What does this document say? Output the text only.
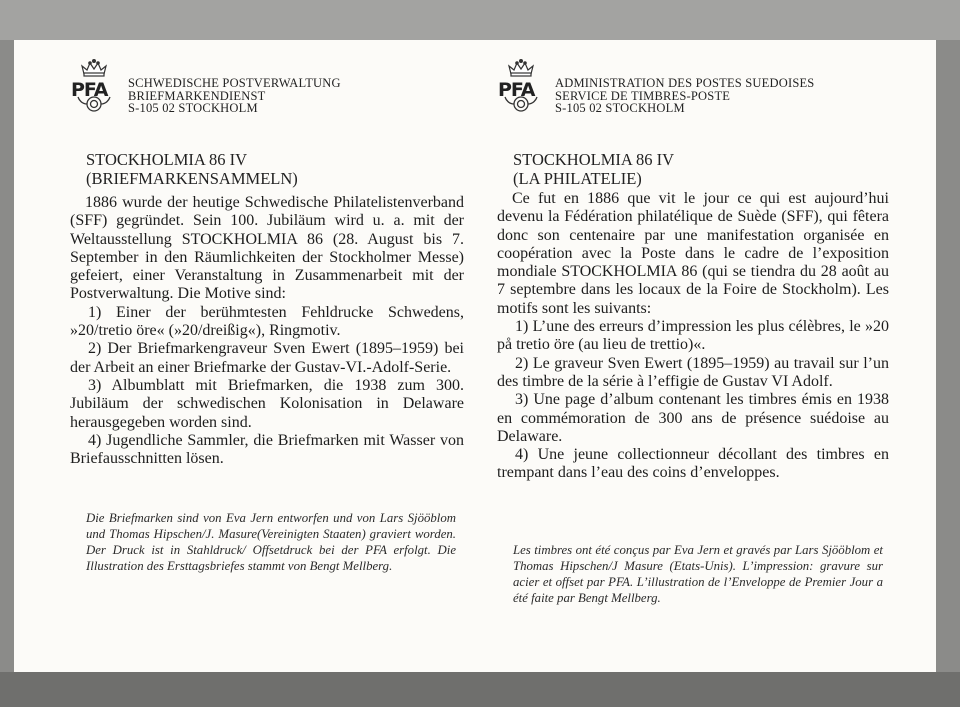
PFA SCHWEDISCHE POSTVERWALTUNG
BRIEFMARKENDIENST
S-105 02 STOCKHOLM
STOCKHOLMIA 86 IV
(BRIEFMARKENSAMMELN)

1886 wurde der heutige Schwedische Philatelistenverband (SFF) gegründet. Sein 100. Jubiläum wird u. a. mit der Weltausstellung STOCKHOLMIA 86 (28. August bis 7. September in den Räumlichkeiten der Stockholmer Messe) gefeiert, einer Veranstaltung in Zusammenarbeit mit der Postverwaltung. Die Motive sind:

1) Einer der berühmtesten Fehldrucke Schwedens, »20/tretio öre« (»20/dreißig«), Ringmotiv.

2) Der Briefmarkengraveur Sven Ewert (1895–1959) bei der Arbeit an einer Briefmarke der Gustav-VI.-Adolf-Serie.

3) Albumblatt mit Briefmarken, die 1938 zum 300. Jubiläum der schwedischen Kolonisation in Delaware herausgegeben worden sind.

4) Jugendliche Sammler, die Briefmarken mit Wasser von Briefausschnitten lösen.

Die Briefmarken sind von Eva Jern entworfen und von Lars Sjööblom und Thomas Hipschen/J. Masure(Vereinigten Staaten) graviert worden. Der Druck ist in Stahldruck/ Offsetdruck bei der PFA erfolgt. Die Illustration des Ersttagsbriefes stammt von Bengt Mellberg.
PFA ADMINISTRATION DES POSTES SUEDOISES
SERVICE DE TIMBRES-POSTE
S-105 02 STOCKHOLM
STOCKHOLMIA 86 IV
(LA PHILATELIE)

Ce fut en 1886 que vit le jour ce qui est aujourd’hui devenu la Fédération philatélique de Suède (SFF), qui fêtera donc son centenaire par une manifestation organisée en coopération avec la Poste dans le cadre de l’exposition mondiale STOCKHOLMIA 86 (qui se tiendra du 28 août au 7 septembre dans les locaux de la Foire de Stockholm). Les motifs sont les suivants:

1) L’une des erreurs d’impression les plus célèbres, le »20 på tretio öre (au lieu de trettio)«.

2) Le graveur Sven Ewert (1895–1959) au travail sur l’un des timbre de la série à l’effigie de Gustav VI Adolf.

3) Une page d’album contenant les timbres émis en 1938 en commémoration de 300 ans de présence suédoise au Delaware.

4) Une jeune collectionneur décollant des timbres en trempant dans l’eau des coins d’enveloppes.

Les timbres ont été conçus par Eva Jern et gravés par Lars Sjööblom et Thomas Hipschen/J Masure (Etats-Unis). L’impression: gravure sur acier et offset par PFA. L’illustration de l’Enveloppe de Premier Jour a été faite par Bengt Mellberg.
